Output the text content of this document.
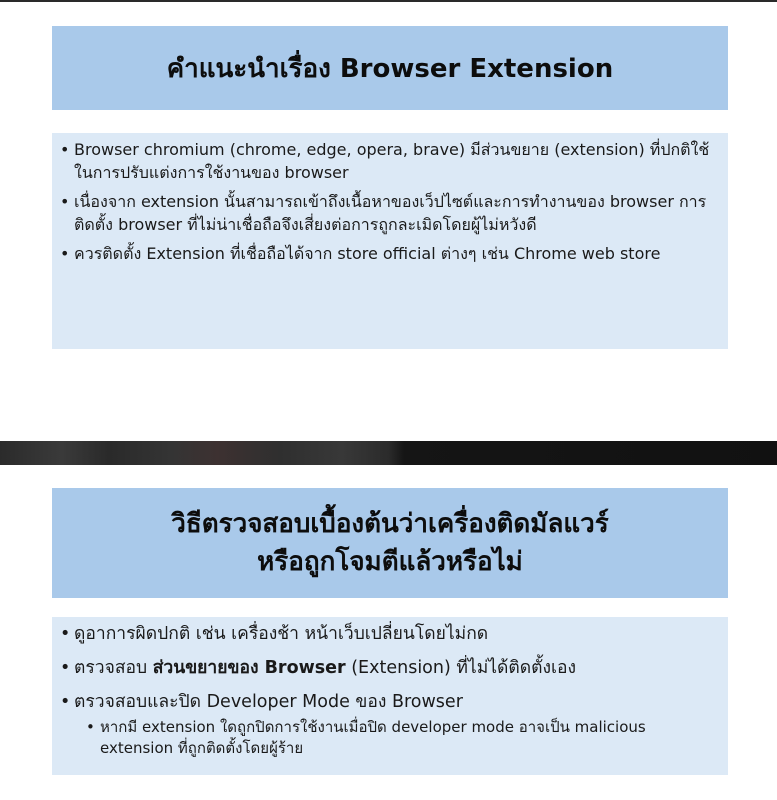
คำแนะนำเรื่อง Browser Extension
• Browser chromium (chrome, edge, opera, brave) มีส่วนขยาย (extension) ที่ปกติใช้ในการปรับแต่งการใช้งานของ browser
• เนื่องจาก extension นั้นสามารถเข้าถึงเนื้อหาของเว็ปไซต์และการทำงานของ browser การติดตั้ง browser ที่ไม่น่าเชื่อถือจึงเสี่ยงต่อการถูกละเมิดโดยผู้ไม่หวังดี
• ควรติดตั้ง Extension ที่เชื่อถือได้จาก store official ต่างๆ เช่น Chrome web store
วิธีตรวจสอบเบื้องต้นว่าเครื่องติดมัลแวร์
หรือถูกโจมตีแล้วหรือไม่
• ดูอาการผิดปกติ เช่น เครื่องช้า หน้าเว็บเปลี่ยนโดยไม่กด
• ตรวจสอบ ส่วนขยายของ Browser (Extension) ที่ไม่ได้ติดตั้งเอง
• ตรวจสอบและปิด Developer Mode ของ Browser
• หากมี extension ใดถูกปิดการใช้งานเมื่อปิด developer mode อาจเป็น malicious extension ที่ถูกติดตั้งโดยผู้ร้าย
